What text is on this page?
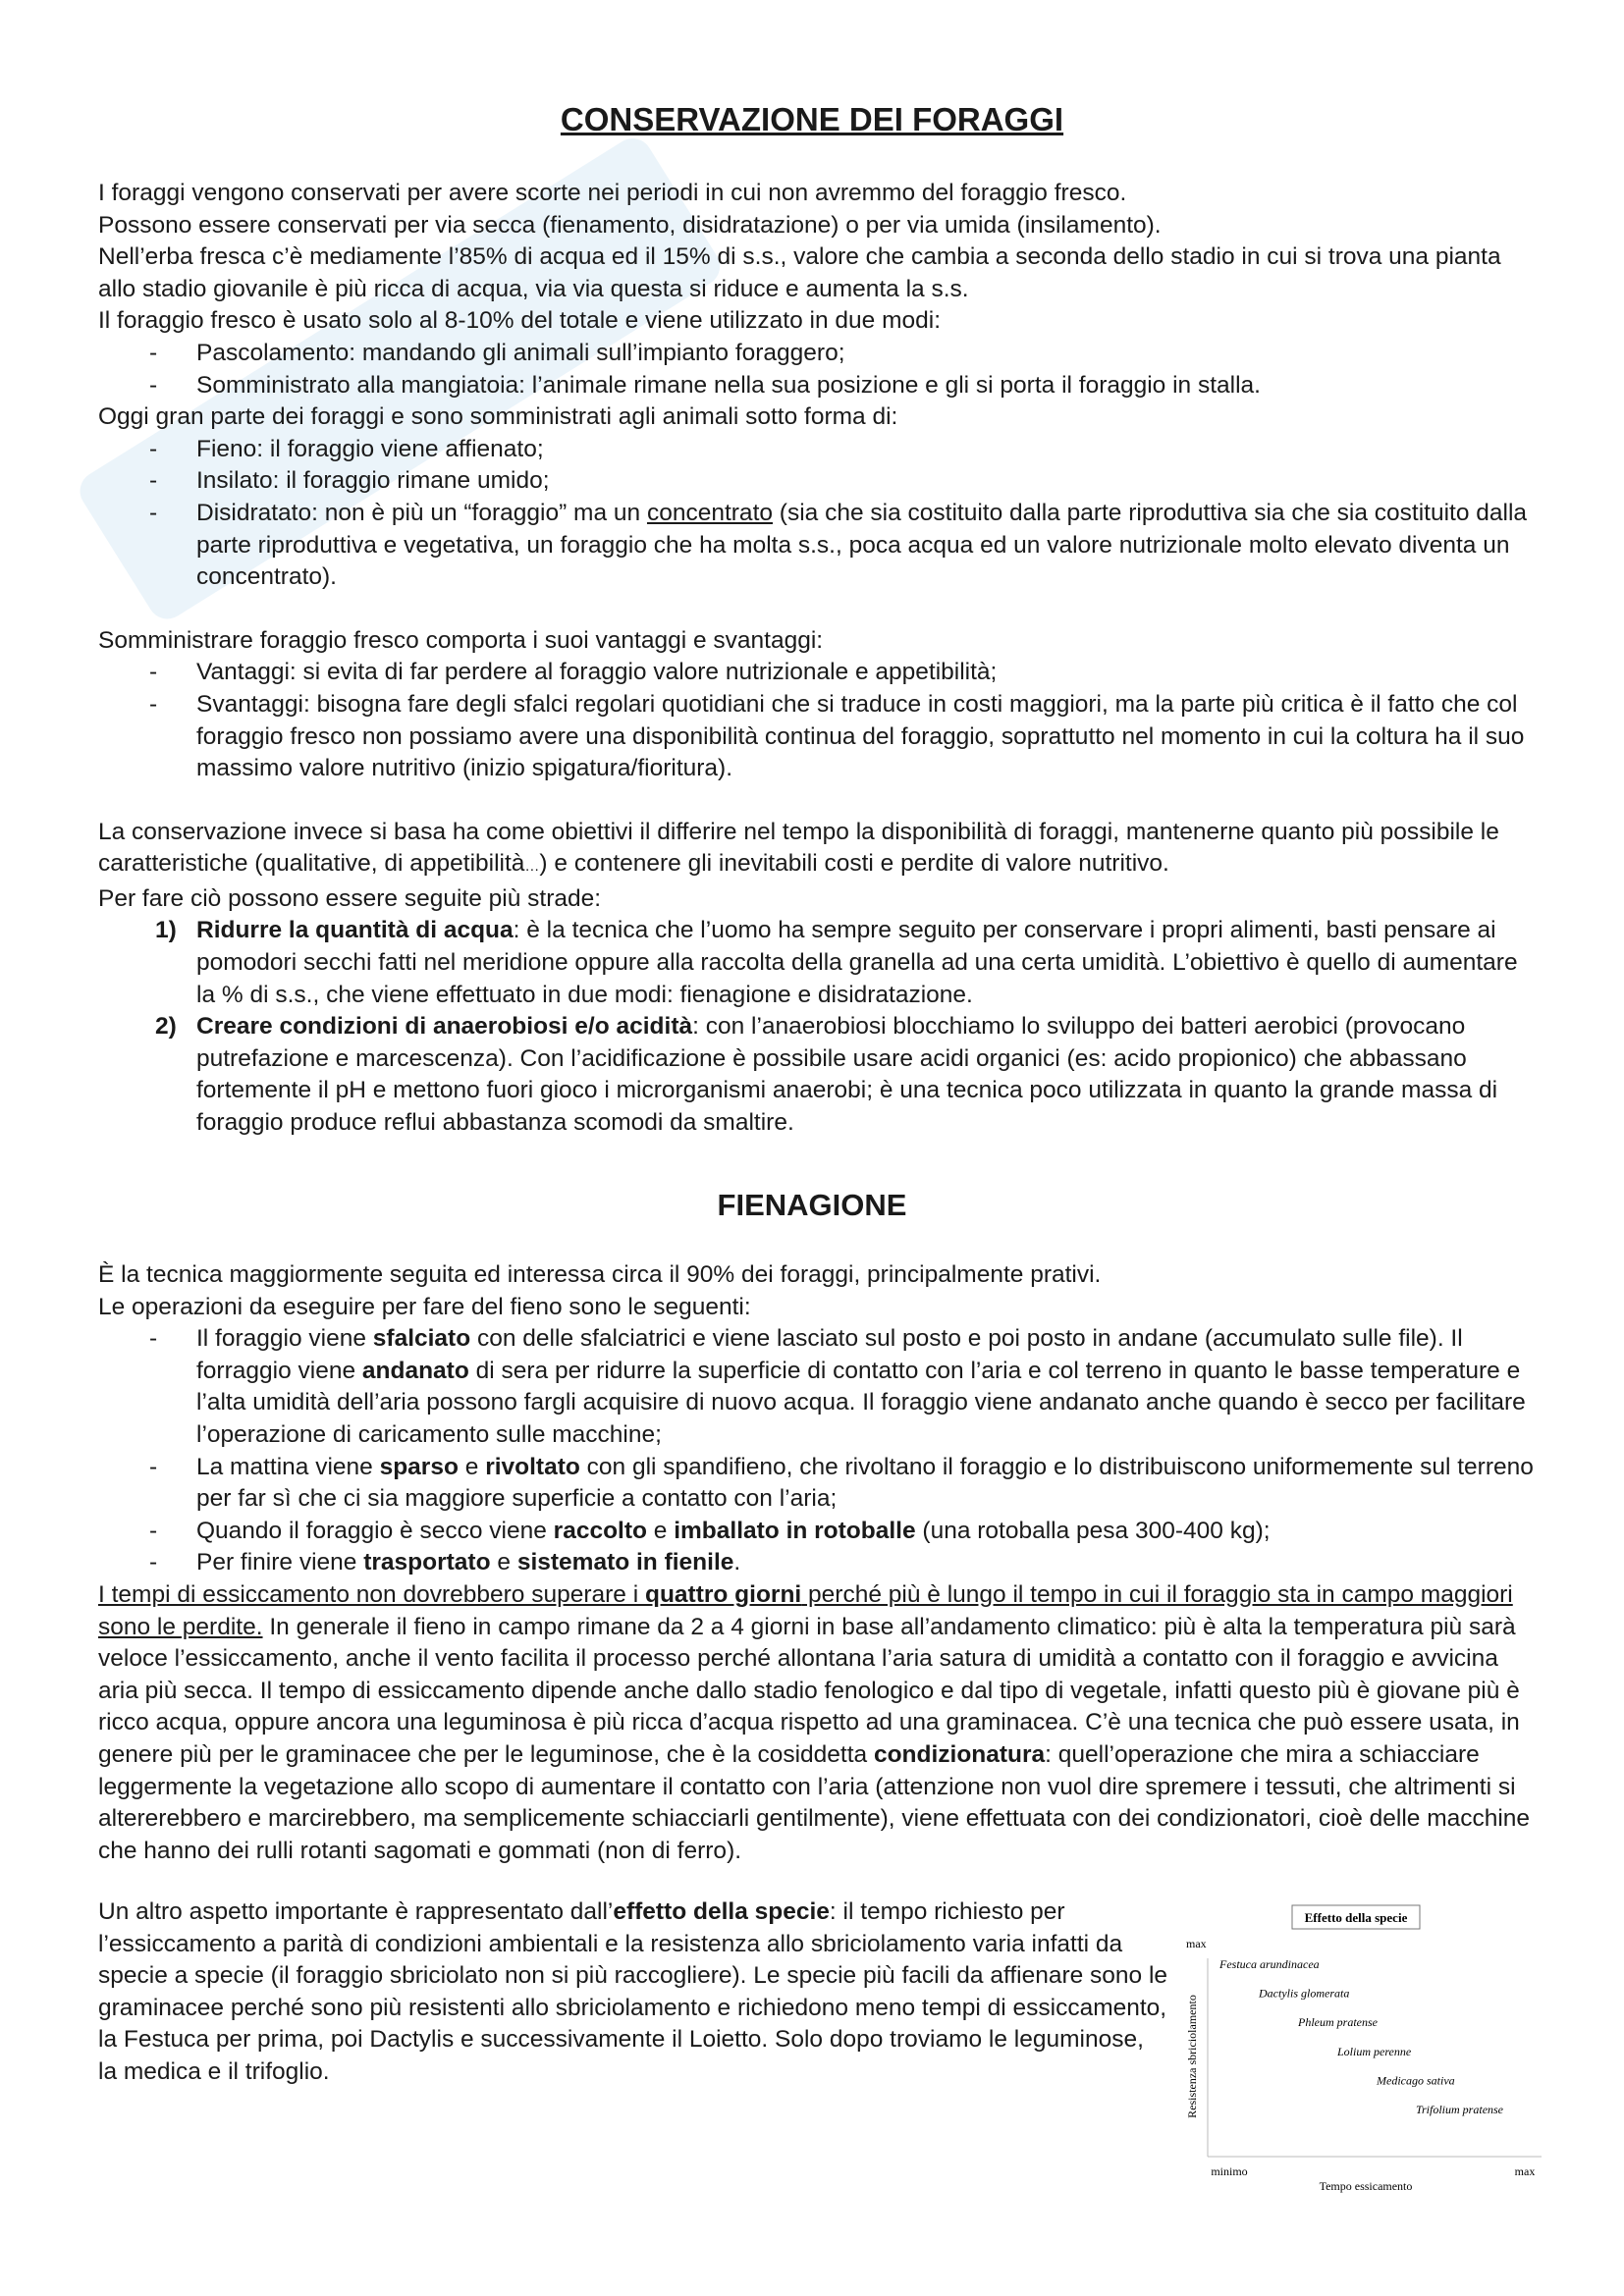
CONSERVAZIONE DEI FORAGGI

I foraggi vengono conservati per avere scorte nei periodi in cui non avremmo del foraggio fresco.

Possono essere conservati per via secca (fienamento, disidratazione) o per via umida (insilamento).

Nell’erba fresca c’è mediamente l’85% di acqua ed il 15% di s.s., valore che cambia a seconda dello stadio in cui si trova una pianta allo stadio giovanile è più ricca di acqua, via via questa si riduce e aumenta la s.s.

Il foraggio fresco è usato solo al 8-10% del totale e viene utilizzato in due modi:

- Pascolamento: mandando gli animali sull’impianto foraggero;

- Somministrato alla mangiatoia: l’animale rimane nella sua posizione e gli si porta il foraggio in stalla.

Oggi gran parte dei foraggi e sono somministrati agli animali sotto forma di:

- Fieno: il foraggio viene affienato;

- Insilato: il foraggio rimane umido;

- Disidratato: non è più un “foraggio” ma un concentrato (sia che sia costituito dalla parte riproduttiva sia che sia costituito dalla parte riproduttiva e vegetativa, un foraggio che ha molta s.s., poca acqua ed un valore nutrizionale molto elevato diventa un concentrato).

Somministrare foraggio fresco comporta i suoi vantaggi e svantaggi:

- Vantaggi: si evita di far perdere al foraggio valore nutrizionale e appetibilità;

- Svantaggi: bisogna fare degli sfalci regolari quotidiani che si traduce in costi maggiori, ma la parte più critica è il fatto che col foraggio fresco non possiamo avere una disponibilità continua del foraggio, soprattutto nel momento in cui la coltura ha il suo massimo valore nutritivo (inizio spigatura/fioritura).

La conservazione invece si basa ha come obiettivi il differire nel tempo la disponibilità di foraggi, mantenerne quanto più possibile le caratteristiche (qualitative, di appetibilità…) e contenere gli inevitabili costi e perdite di valore nutritivo.

Per fare ciò possono essere seguite più strade:

1) Ridurre la quantità di acqua: è la tecnica che l’uomo ha sempre seguito per conservare i propri alimenti, basti pensare ai pomodori secchi fatti nel meridione oppure alla raccolta della granella ad una certa umidità. L’obiettivo è quello di aumentare la % di s.s., che viene effettuato in due modi: fienagione e disidratazione.

2) Creare condizioni di anaerobiosi e/o acidità: con l’anaerobiosi blocchiamo lo sviluppo dei batteri aerobici (provocano putrefazione e marcescenza). Con l’acidificazione è possibile usare acidi organici (es: acido propionico) che abbassano fortemente il pH e mettono fuori gioco i microrganismi anaerobi; è una tecnica poco utilizzata in quanto la grande massa di foraggio produce reflui abbastanza scomodi da smaltire.

FIENAGIONE

È la tecnica maggiormente seguita ed interessa circa il 90% dei foraggi, principalmente prativi.

Le operazioni da eseguire per fare del fieno sono le seguenti:

- Il foraggio viene sfalciato con delle sfalciatrici e viene lasciato sul posto e poi posto in andane (accumulato sulle file). Il forraggio viene andanato di sera per ridurre la superficie di contatto con l’aria e col terreno in quanto le basse temperature e l’alta umidità dell’aria possono fargli acquisire di nuovo acqua. Il foraggio viene andanato anche quando è secco per facilitare l’operazione di caricamento sulle macchine;

- La mattina viene sparso e rivoltato con gli spandifieno, che rivoltano il foraggio e lo distribuiscono uniformemente sul terreno per far sì che ci sia maggiore superficie a contatto con l’aria;

- Quando il foraggio è secco viene raccolto e imballato in rotoballe (una rotoballa pesa 300-400 kg);

- Per finire viene trasportato e sistemato in fienile.

I tempi di essiccamento non dovrebbero superare i quattro giorni perché più è lungo il tempo in cui il foraggio sta in campo maggiori sono le perdite. In generale il fieno in campo rimane da 2 a 4 giorni in base all’andamento climatico: più è alta la temperatura più sarà veloce l’essiccamento, anche il vento facilita il processo perché allontana l’aria satura di umidità a contatto con il foraggio e avvicina aria più secca. Il tempo di essiccamento dipende anche dallo stadio fenologico e dal tipo di vegetale, infatti questo più è giovane più è ricco acqua, oppure ancora una leguminosa è più ricca d’acqua rispetto ad una graminacea. C’è una tecnica che può essere usata, in genere più per le graminacee che per le leguminose, che è la cosiddetta condizionatura: quell’operazione che mira a schiacciare leggermente la vegetazione allo scopo di aumentare il contatto con l’aria (attenzione non vuol dire spremere i tessuti, che altrimenti si altererebbero e marcirebbero, ma semplicemente schiacciarli gentilmente), viene effettuata con dei condizionatori, cioè delle macchine che hanno dei rulli rotanti sagomati e gommati (non di ferro).

Un altro aspetto importante è rappresentato dall’effetto della specie: il tempo richiesto per l’essiccamento a parità di condizioni ambientali e la resistenza allo sbriciolamento varia infatti da specie a specie (il foraggio sbriciolato non si più raccogliere). Le specie più facili da affienare sono le graminacee perché sono più resistenti allo sbriciolamento e richiedono meno tempi di essiccamento, la Festuca per prima, poi Dactylis e successivamente il Loietto. Solo dopo troviamo le leguminose, la medica e il trifoglio.

Effetto della specie
max
Resistenza sbriciolamento
minimo	max
Tempo essicamento
Festuca arundinacea
Dactylis glomerata
Phleum pratense
Lolium perenne
Medicago sativa
Trifolium pratense
